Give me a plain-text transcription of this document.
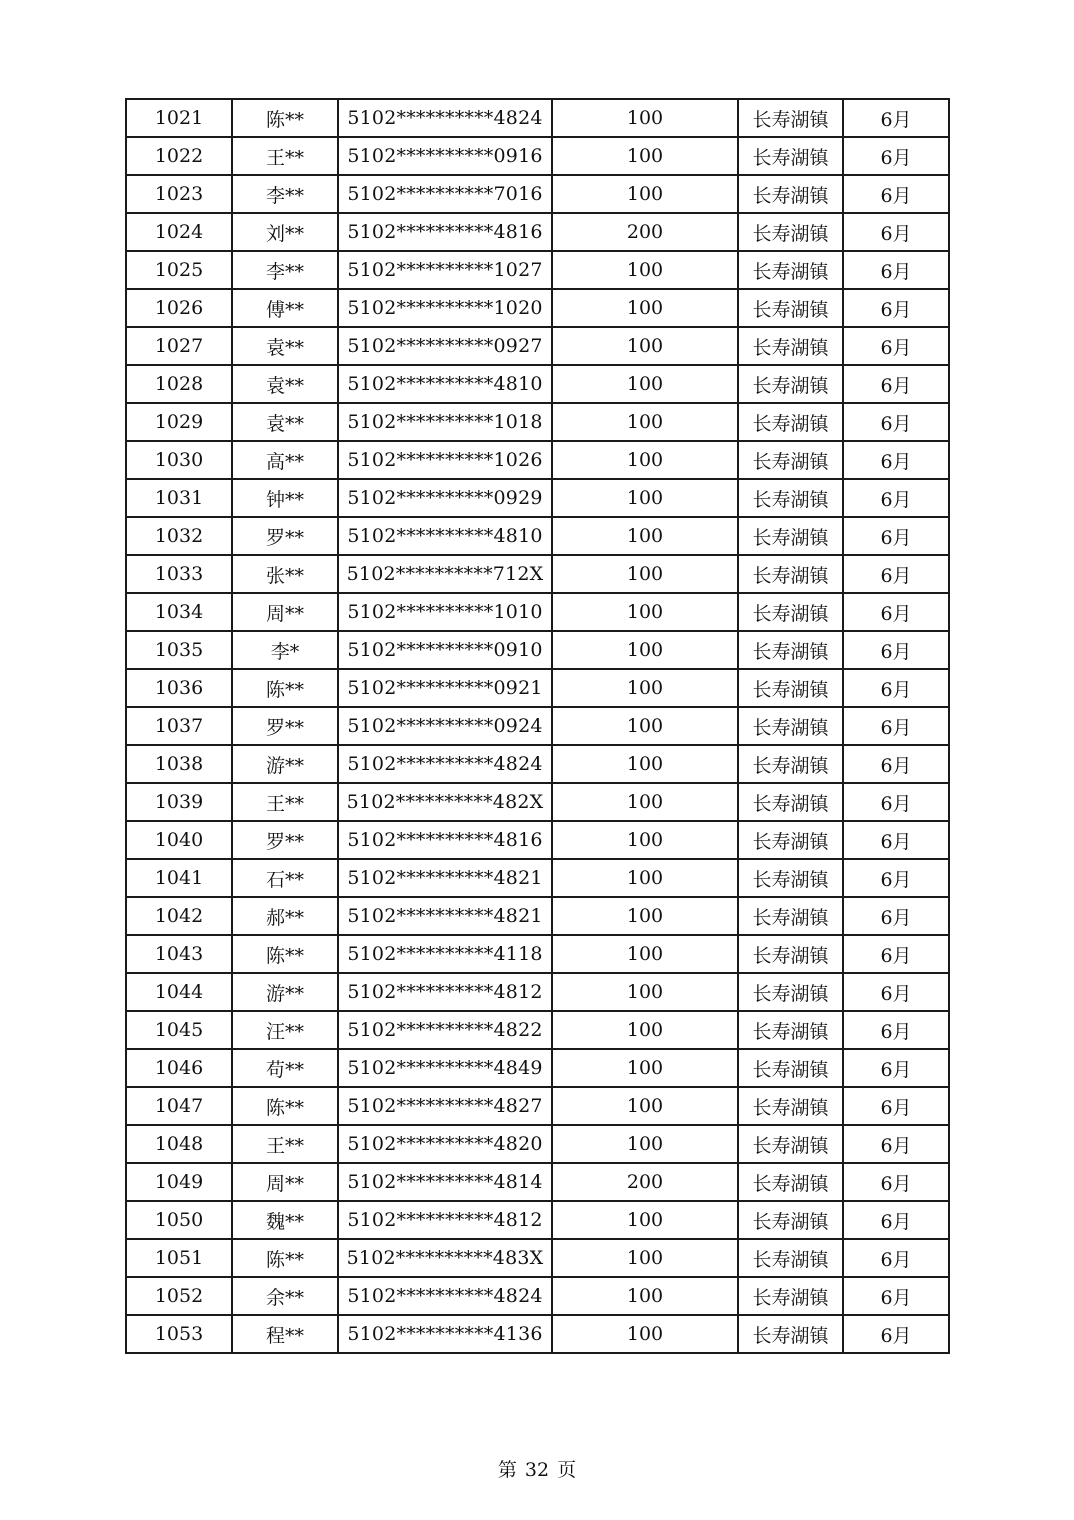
1021	陈**	5102**********4824	100	长寿湖镇	6月
1022	王**	5102**********0916	100	长寿湖镇	6月
1023	李**	5102**********7016	100	长寿湖镇	6月
1024	刘**	5102**********4816	200	长寿湖镇	6月
1025	李**	5102**********1027	100	长寿湖镇	6月
1026	傅**	5102**********1020	100	长寿湖镇	6月
1027	袁**	5102**********0927	100	长寿湖镇	6月
1028	袁**	5102**********4810	100	长寿湖镇	6月
1029	袁**	5102**********1018	100	长寿湖镇	6月
1030	高**	5102**********1026	100	长寿湖镇	6月
1031	钟**	5102**********0929	100	长寿湖镇	6月
1032	罗**	5102**********4810	100	长寿湖镇	6月
1033	张**	5102**********712X	100	长寿湖镇	6月
1034	周**	5102**********1010	100	长寿湖镇	6月
1035	李*	5102**********0910	100	长寿湖镇	6月
1036	陈**	5102**********0921	100	长寿湖镇	6月
1037	罗**	5102**********0924	100	长寿湖镇	6月
1038	游**	5102**********4824	100	长寿湖镇	6月
1039	王**	5102**********482X	100	长寿湖镇	6月
1040	罗**	5102**********4816	100	长寿湖镇	6月
1041	石**	5102**********4821	100	长寿湖镇	6月
1042	郝**	5102**********4821	100	长寿湖镇	6月
1043	陈**	5102**********4118	100	长寿湖镇	6月
1044	游**	5102**********4812	100	长寿湖镇	6月
1045	汪**	5102**********4822	100	长寿湖镇	6月
1046	苟**	5102**********4849	100	长寿湖镇	6月
1047	陈**	5102**********4827	100	长寿湖镇	6月
1048	王**	5102**********4820	100	长寿湖镇	6月
1049	周**	5102**********4814	200	长寿湖镇	6月
1050	魏**	5102**********4812	100	长寿湖镇	6月
1051	陈**	5102**********483X	100	长寿湖镇	6月
1052	余**	5102**********4824	100	长寿湖镇	6月
1053	程**	5102**********4136	100	长寿湖镇	6月
第 32 页
